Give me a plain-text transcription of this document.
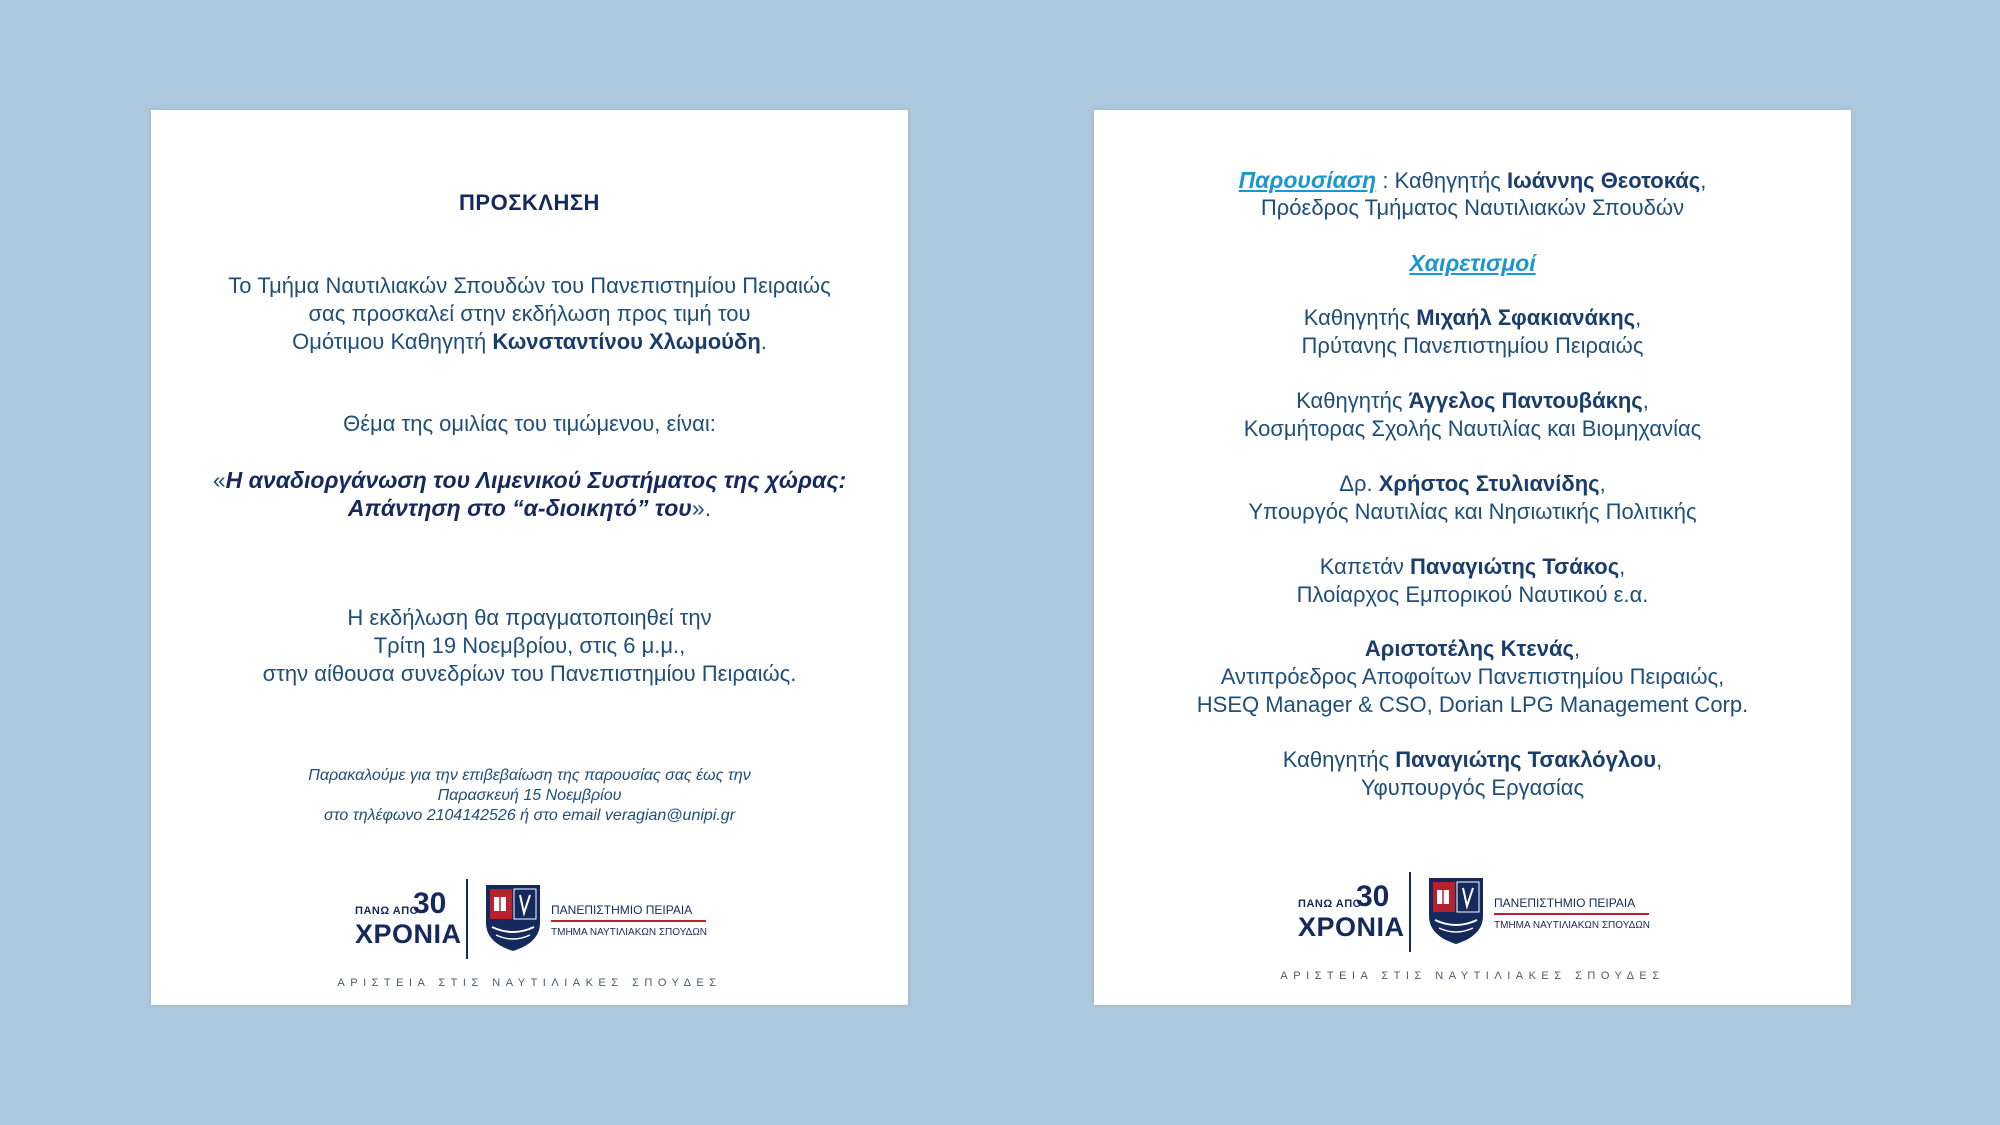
ΠΡΟΣΚΛΗΣΗ
Το Τμήμα Ναυτιλιακών Σπουδών του Πανεπιστημίου Πειραιώς
σας προσκαλεί στην εκδήλωση προς τιμή του
Ομότιμου Καθηγητή Κωνσταντίνου Χλωμούδη.
Θέμα της ομιλίας του τιμώμενου, είναι:
«Η αναδιοργάνωση του Λιμενικού Συστήματος της χώρας:
Απάντηση στο “α-διοικητό” του».
Η εκδήλωση θα πραγματοποιηθεί την
Τρίτη 19 Νοεμβρίου, στις 6 μ.μ.,
στην αίθουσα συνεδρίων του Πανεπιστημίου Πειραιώς.
Παρακαλούμε για την επιβεβαίωση της παρουσίας σας έως την
Παρασκευή 15 Νοεμβρίου
στο τηλέφωνο 2104142526 ή στο email veragian@unipi.gr
ΠΑΝΩ ΑΠΟ
30
ΧΡΟΝΙΑ
ΠΑΝΕΠΙΣΤΗΜΙΟ ΠΕΙΡΑΙΑ
ΤΜΗΜΑ ΝΑΥΤΙΛΙΑΚΩΝ ΣΠΟΥΔΩΝ
ΑΡΙΣΤΕΙΑ ΣΤΙΣ ΝΑΥΤΙΛΙΑΚΕΣ ΣΠΟΥΔΕΣ
Παρουσίαση : Καθηγητής Ιωάννης Θεοτοκάς,
Πρόεδρος Τμήματος Ναυτιλιακών Σπουδών
Χαιρετισμοί
Καθηγητής Μιχαήλ Σφακιανάκης,
Πρύτανης Πανεπιστημίου Πειραιώς
Καθηγητής Άγγελος Παντουβάκης,
Κοσμήτορας Σχολής Ναυτιλίας και Βιομηχανίας
Δρ. Χρήστος Στυλιανίδης,
Υπουργός Ναυτιλίας και Νησιωτικής Πολιτικής
Καπετάν Παναγιώτης Τσάκος,
Πλοίαρχος Εμπορικού Ναυτικού ε.α.
Αριστοτέλης Κτενάς,
Αντιπρόεδρος Αποφοίτων Πανεπιστημίου Πειραιώς,
HSEQ Manager & CSO, Dorian LPG Management Corp.
Καθηγητής Παναγιώτης Τσακλόγλου,
Υφυπουργός Εργασίας
ΠΑΝΩ ΑΠΟ
30
ΧΡΟΝΙΑ
ΠΑΝΕΠΙΣΤΗΜΙΟ ΠΕΙΡΑΙΑ
ΤΜΗΜΑ ΝΑΥΤΙΛΙΑΚΩΝ ΣΠΟΥΔΩΝ
ΑΡΙΣΤΕΙΑ ΣΤΙΣ ΝΑΥΤΙΛΙΑΚΕΣ ΣΠΟΥΔΕΣ
